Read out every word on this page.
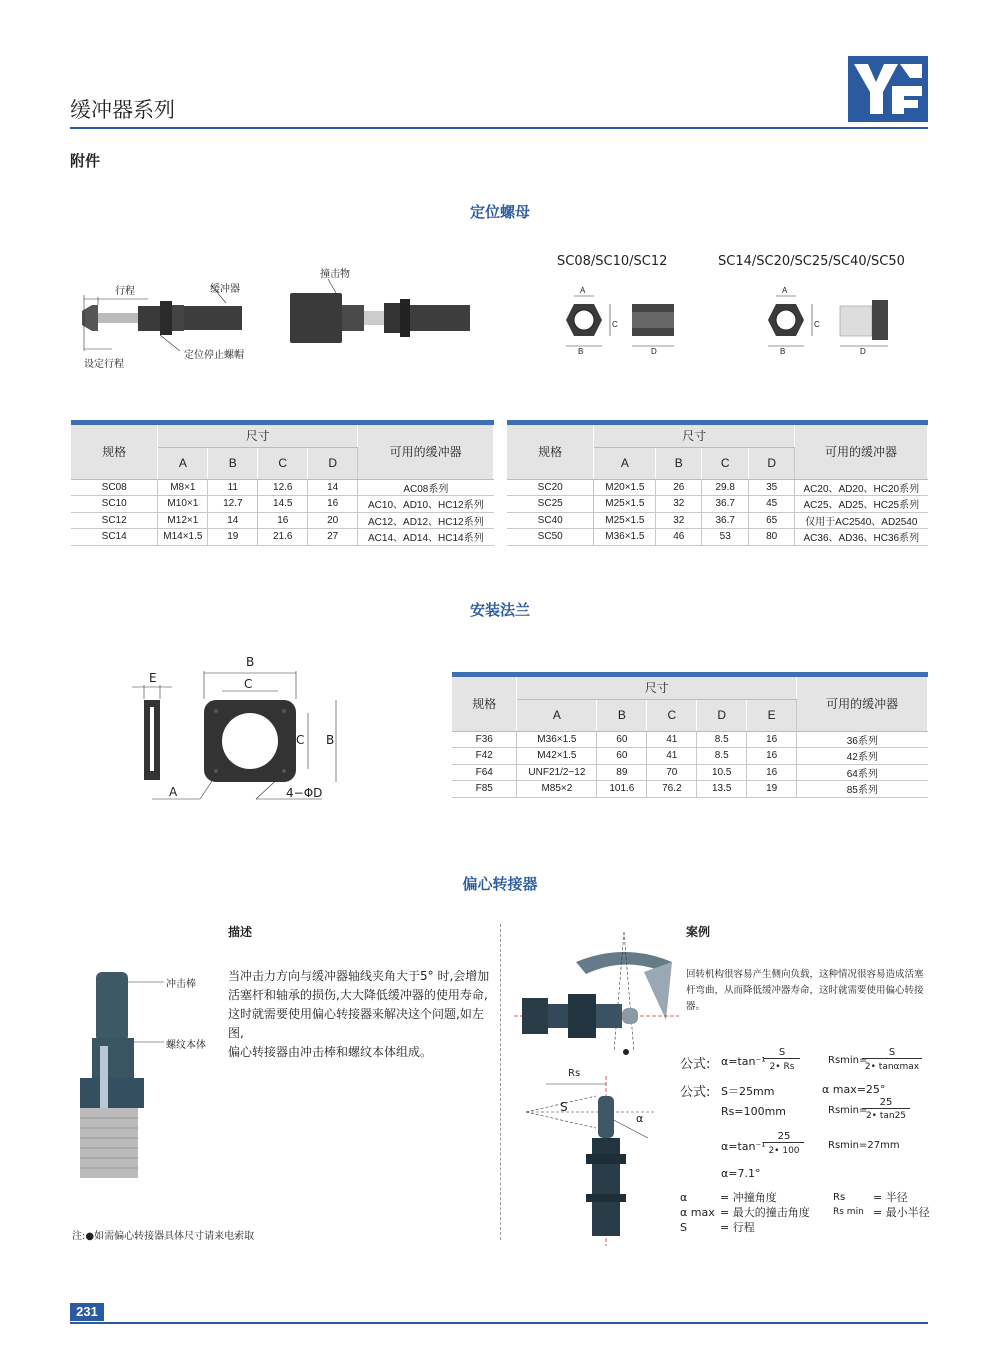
缓冲器系列
附件
定位螺母
行程	缓冲器
设定行程
定位停止螺帽
撞击物
SC08/SC10/SC12	SC14/SC20/SC25/SC40/SC50
A
B
C
D
A
B
C
D
规格	尺寸				可用的缓冲器
	A	B	C	D	
SC08	M8×1	11	12.6	14	AC08系列
SC10	M10×1	12.7	14.5	16	AC10、AD10、HC12系列
SC12	M12×1	14	16	20	AC12、AD12、HC12系列
SC14	M14×1.5	19	21.6	27	AC14、AD14、HC14系列
规格	尺寸				可用的缓冲器
	A	B	C	D	
SC20	M20×1.5	26	29.8	35	AC20、AD20、HC20系列
SC25	M25×1.5	32	36.7	45	AC25、AD25、HC25系列
SC40	M25×1.5	32	36.7	65	仅用于AC2540、AD2540
SC50	M36×1.5	46	53	80	AC36、AD36、HC36系列
安装法兰
E
B
C
C B
A	4−ΦD
规格	尺寸					可用的缓冲器
	A	B	C	D	E	
F36	M36×1.5	60	41	8.5	16	36系列
F42	M42×1.5	60	41	8.5	16	42系列
F64	UNF21/2−12	89	70	10.5	16	64系列
F85	M85×2	101.6	76.2	13.5	19	85系列
偏心转接器
描述
冲击棒
螺纹本体
当冲击力方向与缓冲器轴线夹角大于5° 时,会增加
活塞杆和轴承的损伤,大大降低缓冲器的使用寿命,
这时就需要使用偏心转接器来解决这个问题,如左图,
偏心转接器由冲击棒和螺纹本体组成。
注:●如需偏心转接器具体尺寸请来电索取
案例
Rs
S
α
回转机构很容易产生侧向负载，这种情况很容易造成活塞
杆弯曲，从而降低缓冲器寿命，这时就需要使用偏心转接
器。
公式: α=tan⁻¹
S
2• Rs
Rsmin=
S
2• tanαmax
公式: S＝25mm	α max=25°
Rs=100mm	Rsmin=
25
2• tan25
α=tan⁻¹
25
2• 100	Rsmin=27mm
α=7.1°
α	= 冲撞角度	Rs	= 半径
α max = 最大的撞击角度	Rs min = 最小半径
S	= 行程
231
